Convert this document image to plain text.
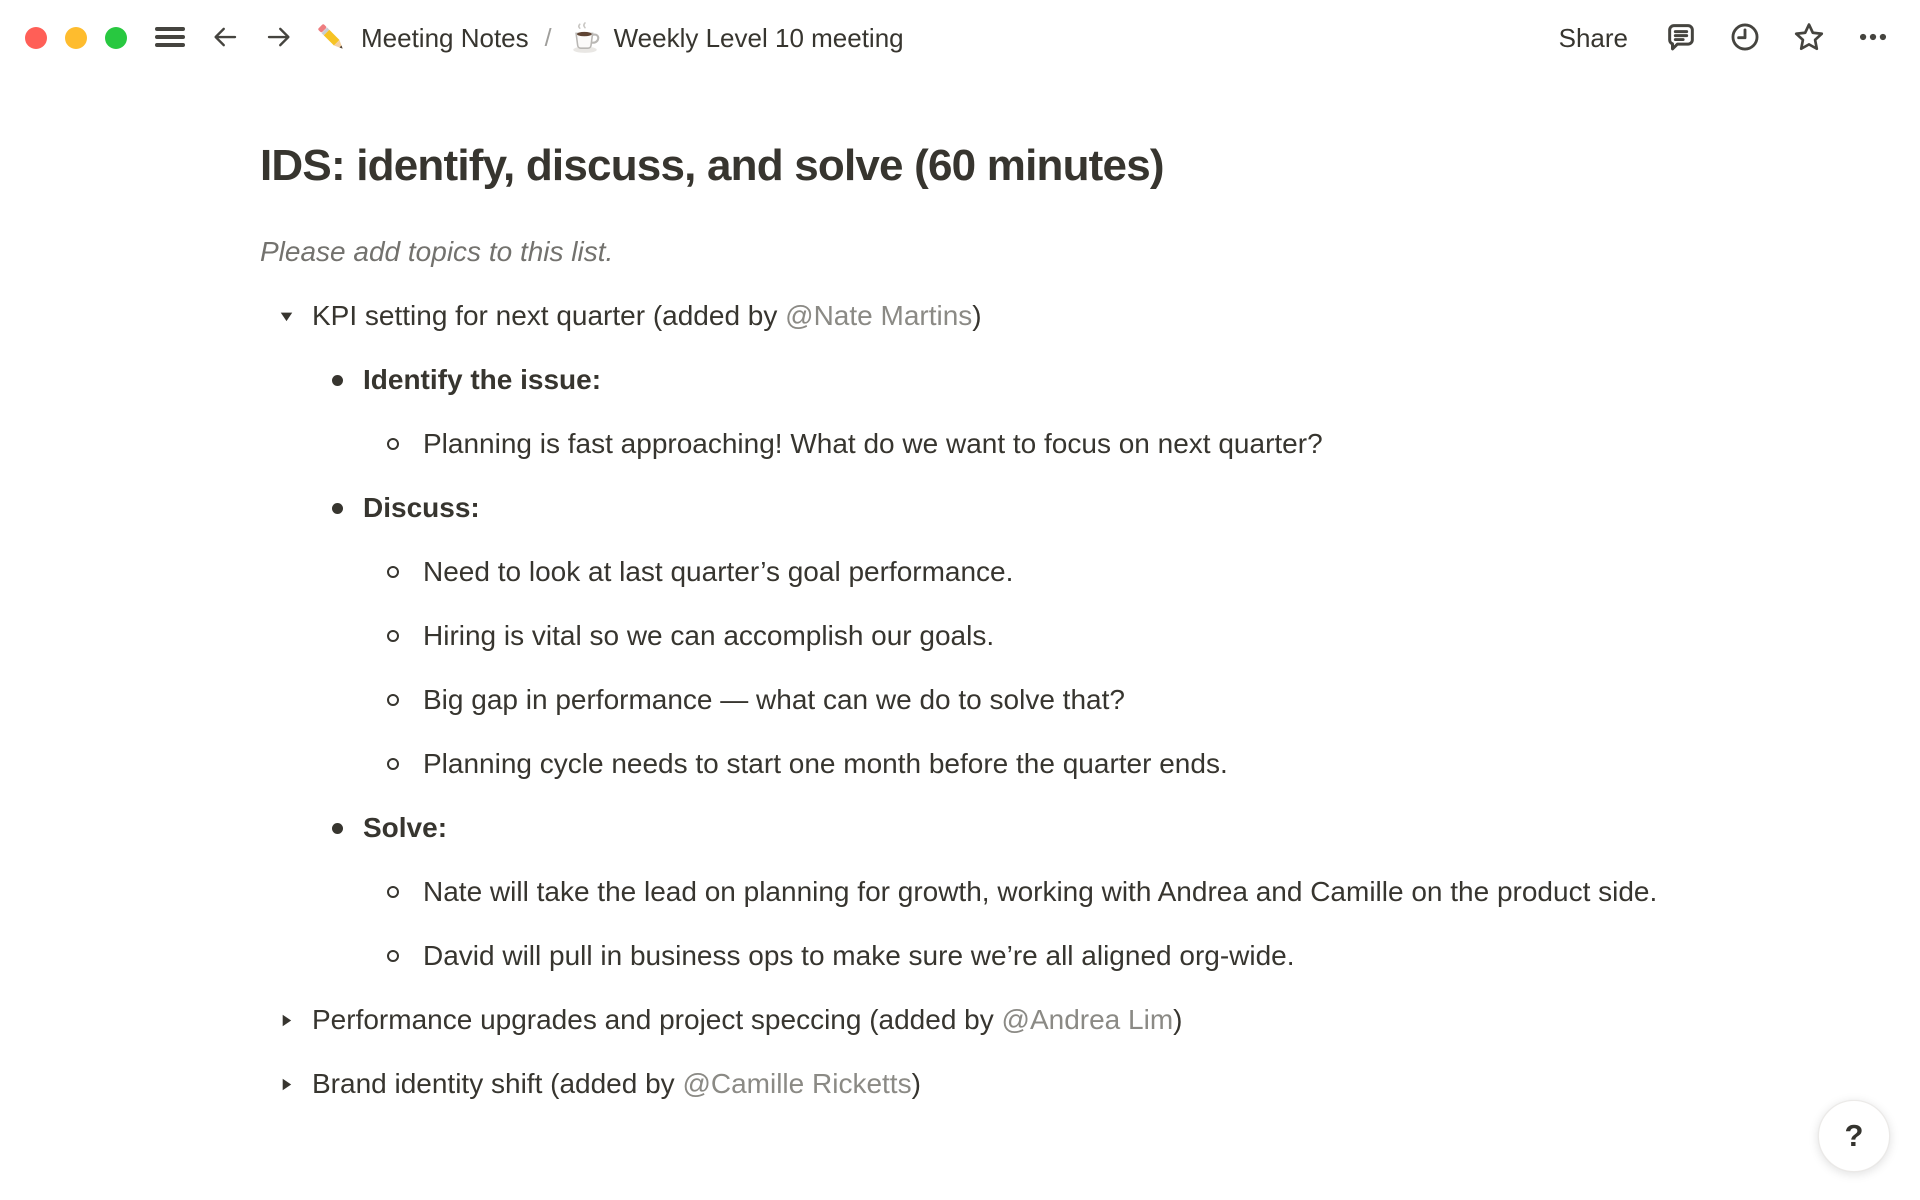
Meeting Notes / Weekly Level 10 meeting	Share
IDS: identify, discuss, and solve (60 minutes)

Please add topics to this list.

KPI setting for next quarter (added by @Nate Martins)
Identify the issue:
Planning is fast approaching! What do we want to focus on next quarter?
Discuss:
Need to look at last quarter’s goal performance.
Hiring is vital so we can accomplish our goals.
Big gap in performance — what can we do to solve that?
Planning cycle needs to start one month before the quarter ends.
Solve:
Nate will take the lead on planning for growth, working with Andrea and Camille on the product side.
David will pull in business ops to make sure we’re all aligned org-wide.
Performance upgrades and project speccing (added by @Andrea Lim)
Brand identity shift (added by @Camille Ricketts)
?
